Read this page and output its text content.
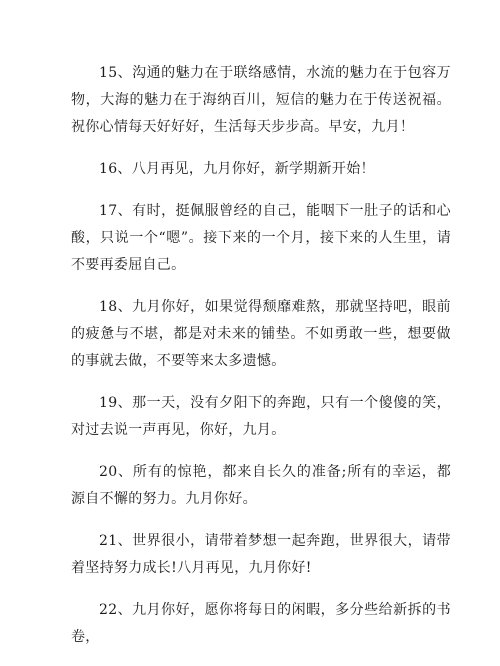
15、沟通的魅力在于联络感情，水流的魅力在于包容万物，大海的魅力在于海纳百川，短信的魅力在于传送祝福。祝你心情每天好好好，生活每天步步高。早安，九月！

16、八月再见，九月你好，新学期新开始！

17、有时，挺佩服曾经的自己，能咽下一肚子的话和心酸，只说一个“嗯”。接下来的一个月，接下来的人生里，请不要再委屈自己。

18、九月你好，如果觉得颓靡难熬，那就坚持吧，眼前的疲惫与不堪，都是对未来的铺垫。不如勇敢一些，想要做的事就去做，不要等来太多遗憾。

19、那一天，没有夕阳下的奔跑，只有一个傻傻的笑，对过去说一声再见，你好，九月。

20、所有的惊艳，都来自长久的准备;所有的幸运，都源自不懈的努力。九月你好。

21、世界很小，请带着梦想一起奔跑，世界很大，请带着坚持努力成长!八月再见，九月你好!

22、九月你好，愿你将每日的闲暇，多分些给新拆的书卷，
